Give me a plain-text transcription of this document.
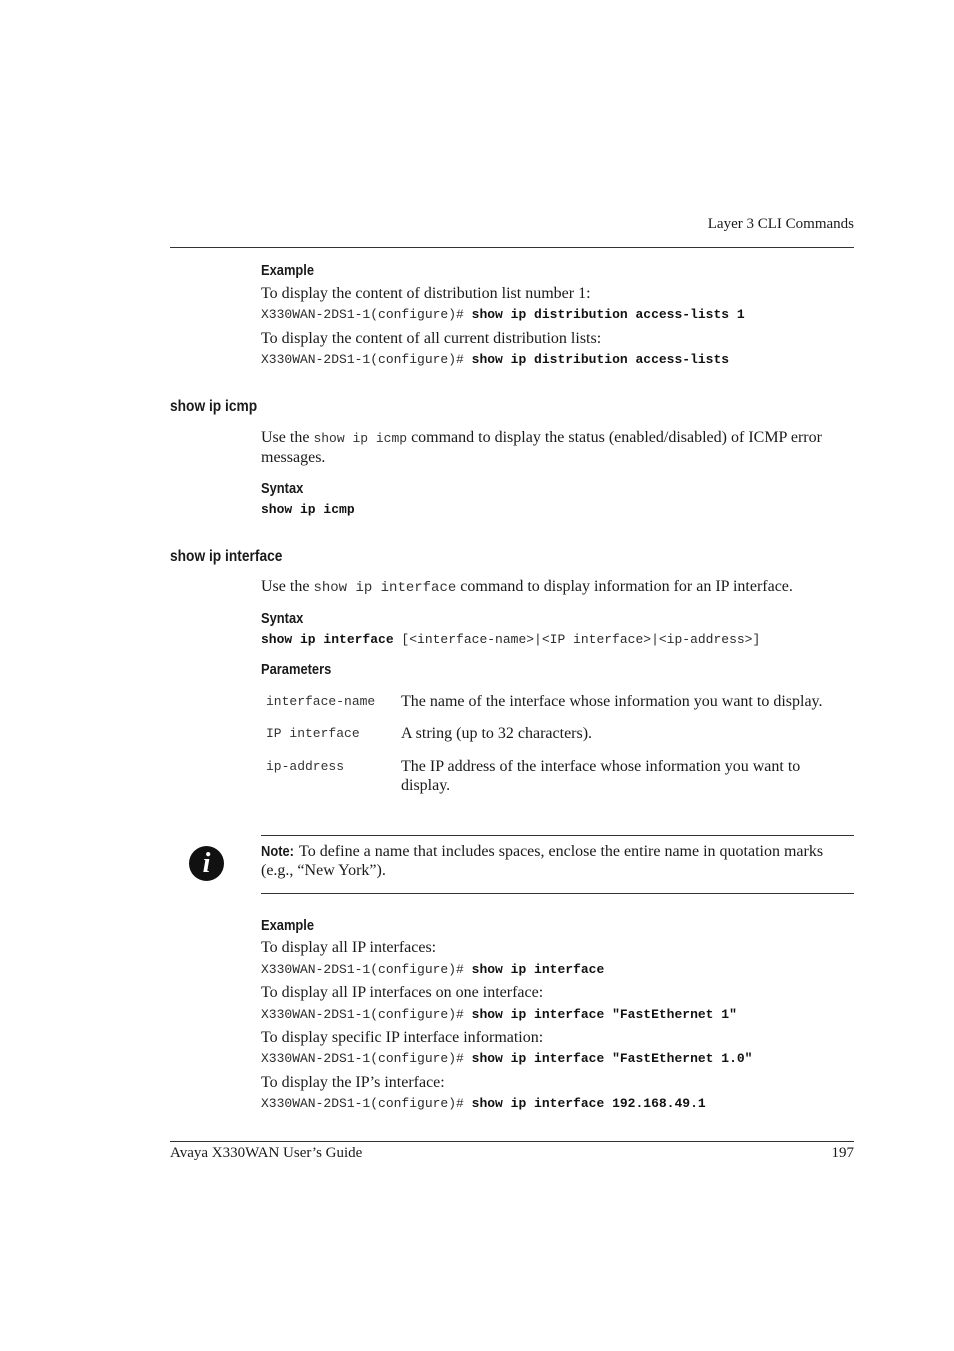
Layer 3 CLI Commands
Example
To display the content of distribution list number 1:
X330WAN-2DS1-1(configure)# show ip distribution access-lists 1
To display the content of all current distribution lists:
X330WAN-2DS1-1(configure)# show ip distribution access-lists
show ip icmp
Use the show ip icmp command to display the status (enabled/disabled) of ICMP error messages.
Syntax
show ip icmp
show ip interface
Use the show ip interface command to display information for an IP interface.
Syntax
show ip interface [<interface-name>|<IP interface>|<ip-address>]
Parameters
interface-name The name of the interface whose information you want to display.
IP interface	A string (up to 32 characters).
ip-address	The IP address of the interface whose information you want to display.
i	Note: To define a name that includes spaces, enclose the entire name in quotation marks (e.g., “New York”).
Example
To display all IP interfaces:
X330WAN-2DS1-1(configure)# show ip interface
To display all IP interfaces on one interface:
X330WAN-2DS1-1(configure)# show ip interface "FastEthernet 1"
To display specific IP interface information:
X330WAN-2DS1-1(configure)# show ip interface "FastEthernet 1.0"
To display the IP’s interface:
X330WAN-2DS1-1(configure)# show ip interface 192.168.49.1
Avaya X330WAN User’s Guide	197
